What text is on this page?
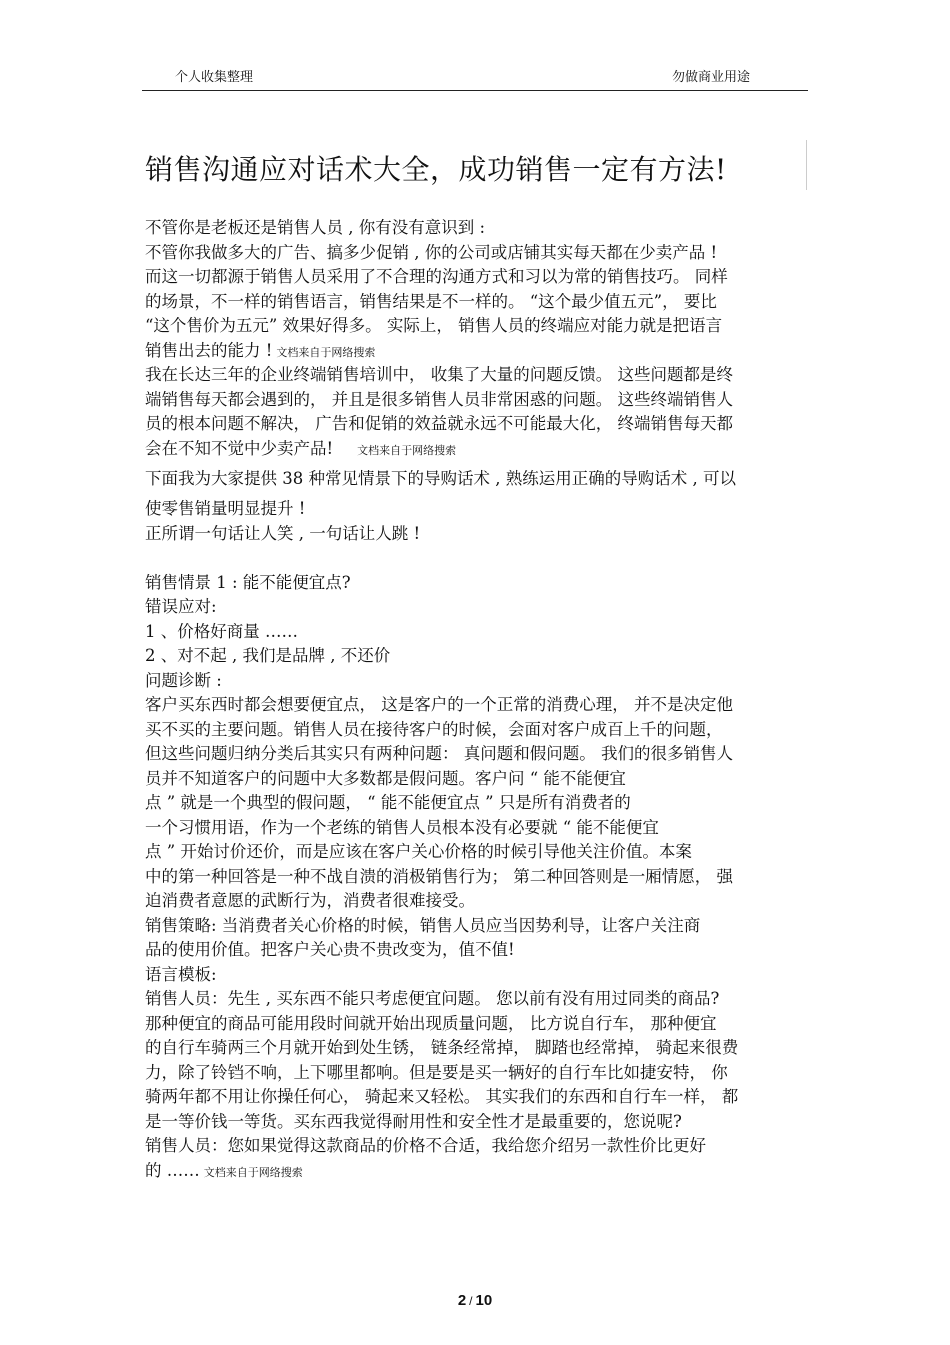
个人收集整理	勿做商业用途
销售沟通应对话术大全，成功销售一定有方法!
不管你是老板还是销售人员 , 你有没有意识到 :
不管你我做多大的广告、搞多少促销 , 你的公司或店铺其实每天都在少卖产品 !
而这一切都源于销售人员采用了不合理的沟通方式和习以为常的销售技巧。 同样
的场景，不一样的销售语言，销售结果是不一样的。 “这个最少值五元”， 要比
“这个售价为五元” 效果好得多。 实际上， 销售人员的终端应对能力就是把语言
销售出去的能力 ! 文档来自于网络搜索
我在长达三年的企业终端销售培训中， 收集了大量的问题反馈。 这些问题都是终
端销售每天都会遇到的， 并且是很多销售人员非常困惑的问题。 这些终端销售人
员的根本问题不解决， 广告和促销的效益就永远不可能最大化， 终端销售每天都
会在不知不觉中少卖产品! 文档来自于网络搜索
下面我为大家提供 38 种常见情景下的导购话术 , 熟练运用正确的导购话术 , 可以
使零售销量明显提升 !
正所谓一句话让人笑 , 一句话让人跳 !
销售情景 1 : 能不能便宜点?
错误应对:
1 、价格好商量 ……
2 、对不起 , 我们是品牌 , 不还价
问题诊断 :
客户买东西时都会想要便宜点， 这是客户的一个正常的消费心理， 并不是决定他
买不买的主要问题。销售人员在接待客户的时候，会面对客户成百上千的问题，
但这些问题归纳分类后其实只有两种问题： 真问题和假问题。 我们的很多销售人
员并不知道客户的问题中大多数都是假问题。客户问 “ 能不能便宜
点 ” 就是一个典型的假问题， “ 能不能便宜点 ” 只是所有消费者的
一个习惯用语，作为一个老练的销售人员根本没有必要就 “ 能不能便宜
点 ” 开始讨价还价，而是应该在客户关心价格的时候引导他关注价值。本案
中的第一种回答是一种不战自溃的消极销售行为； 第二种回答则是一厢情愿， 强
迫消费者意愿的武断行为，消费者很难接受。
销售策略: 当消费者关心价格的时候，销售人员应当因势利导，让客户关注商
品的使用价值。把客户关心贵不贵改变为，值不值!
语言模板:
销售人员：先生 , 买东西不能只考虑便宜问题。 您以前有没有用过同类的商品?
那种便宜的商品可能用段时间就开始出现质量问题， 比方说自行车， 那种便宜
的自行车骑两三个月就开始到处生锈， 链条经常掉， 脚踏也经常掉， 骑起来很费
力，除了铃铛不响，上下哪里都响。但是要是买一辆好的自行车比如捷安特， 你
骑两年都不用让你操任何心， 骑起来又轻松。 其实我们的东西和自行车一样， 都
是一等价钱一等货。买东西我觉得耐用性和安全性才是最重要的，您说呢?
销售人员：您如果觉得这款商品的价格不合适，我给您介绍另一款性价比更好
的 …… 文档来自于网络搜索
2 / 10
